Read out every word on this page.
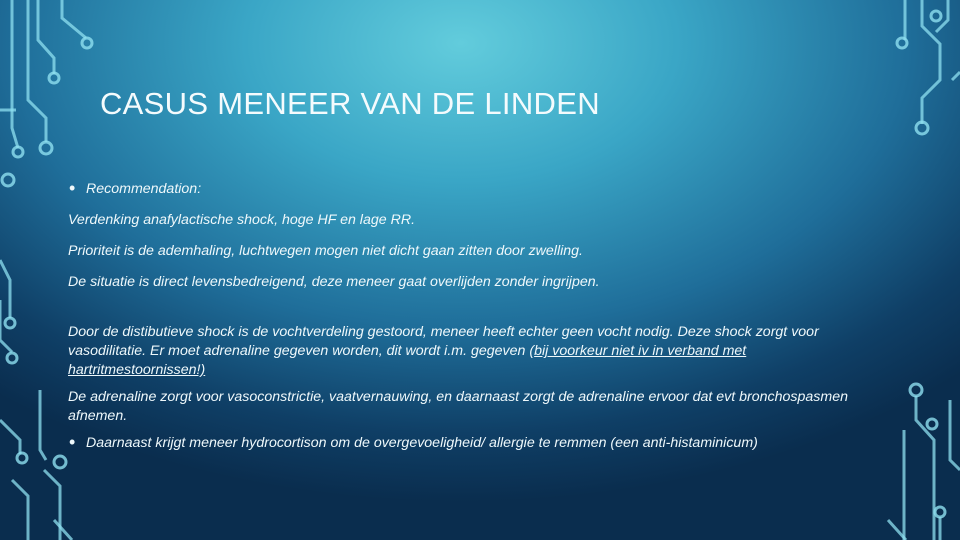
CASUS MENEER VAN DE LINDEN
• Recommendation:

Verdenking anafylactische shock, hoge HF en lage RR.

Prioriteit is de ademhaling, luchtwegen mogen niet dicht gaan zitten door zwelling.

De situatie is direct levensbedreigend, deze meneer gaat overlijden zonder ingrijpen.

Door de distibutieve shock is de vochtverdeling gestoord, meneer heeft echter geen vocht nodig. Deze shock zorgt voor vasodilitatie. Er moet adrenaline gegeven worden, dit wordt i.m. gegeven (bij voorkeur niet iv in verband met hartritmestoornissen!)

De adrenaline zorgt voor vasoconstrictie, vaatvernauwing, en daarnaast zorgt de adrenaline ervoor dat evt bronchospasmen afnemen.

• Daarnaast krijgt meneer hydrocortison om de overgevoeligheid/ allergie te remmen (een anti-histaminicum)
